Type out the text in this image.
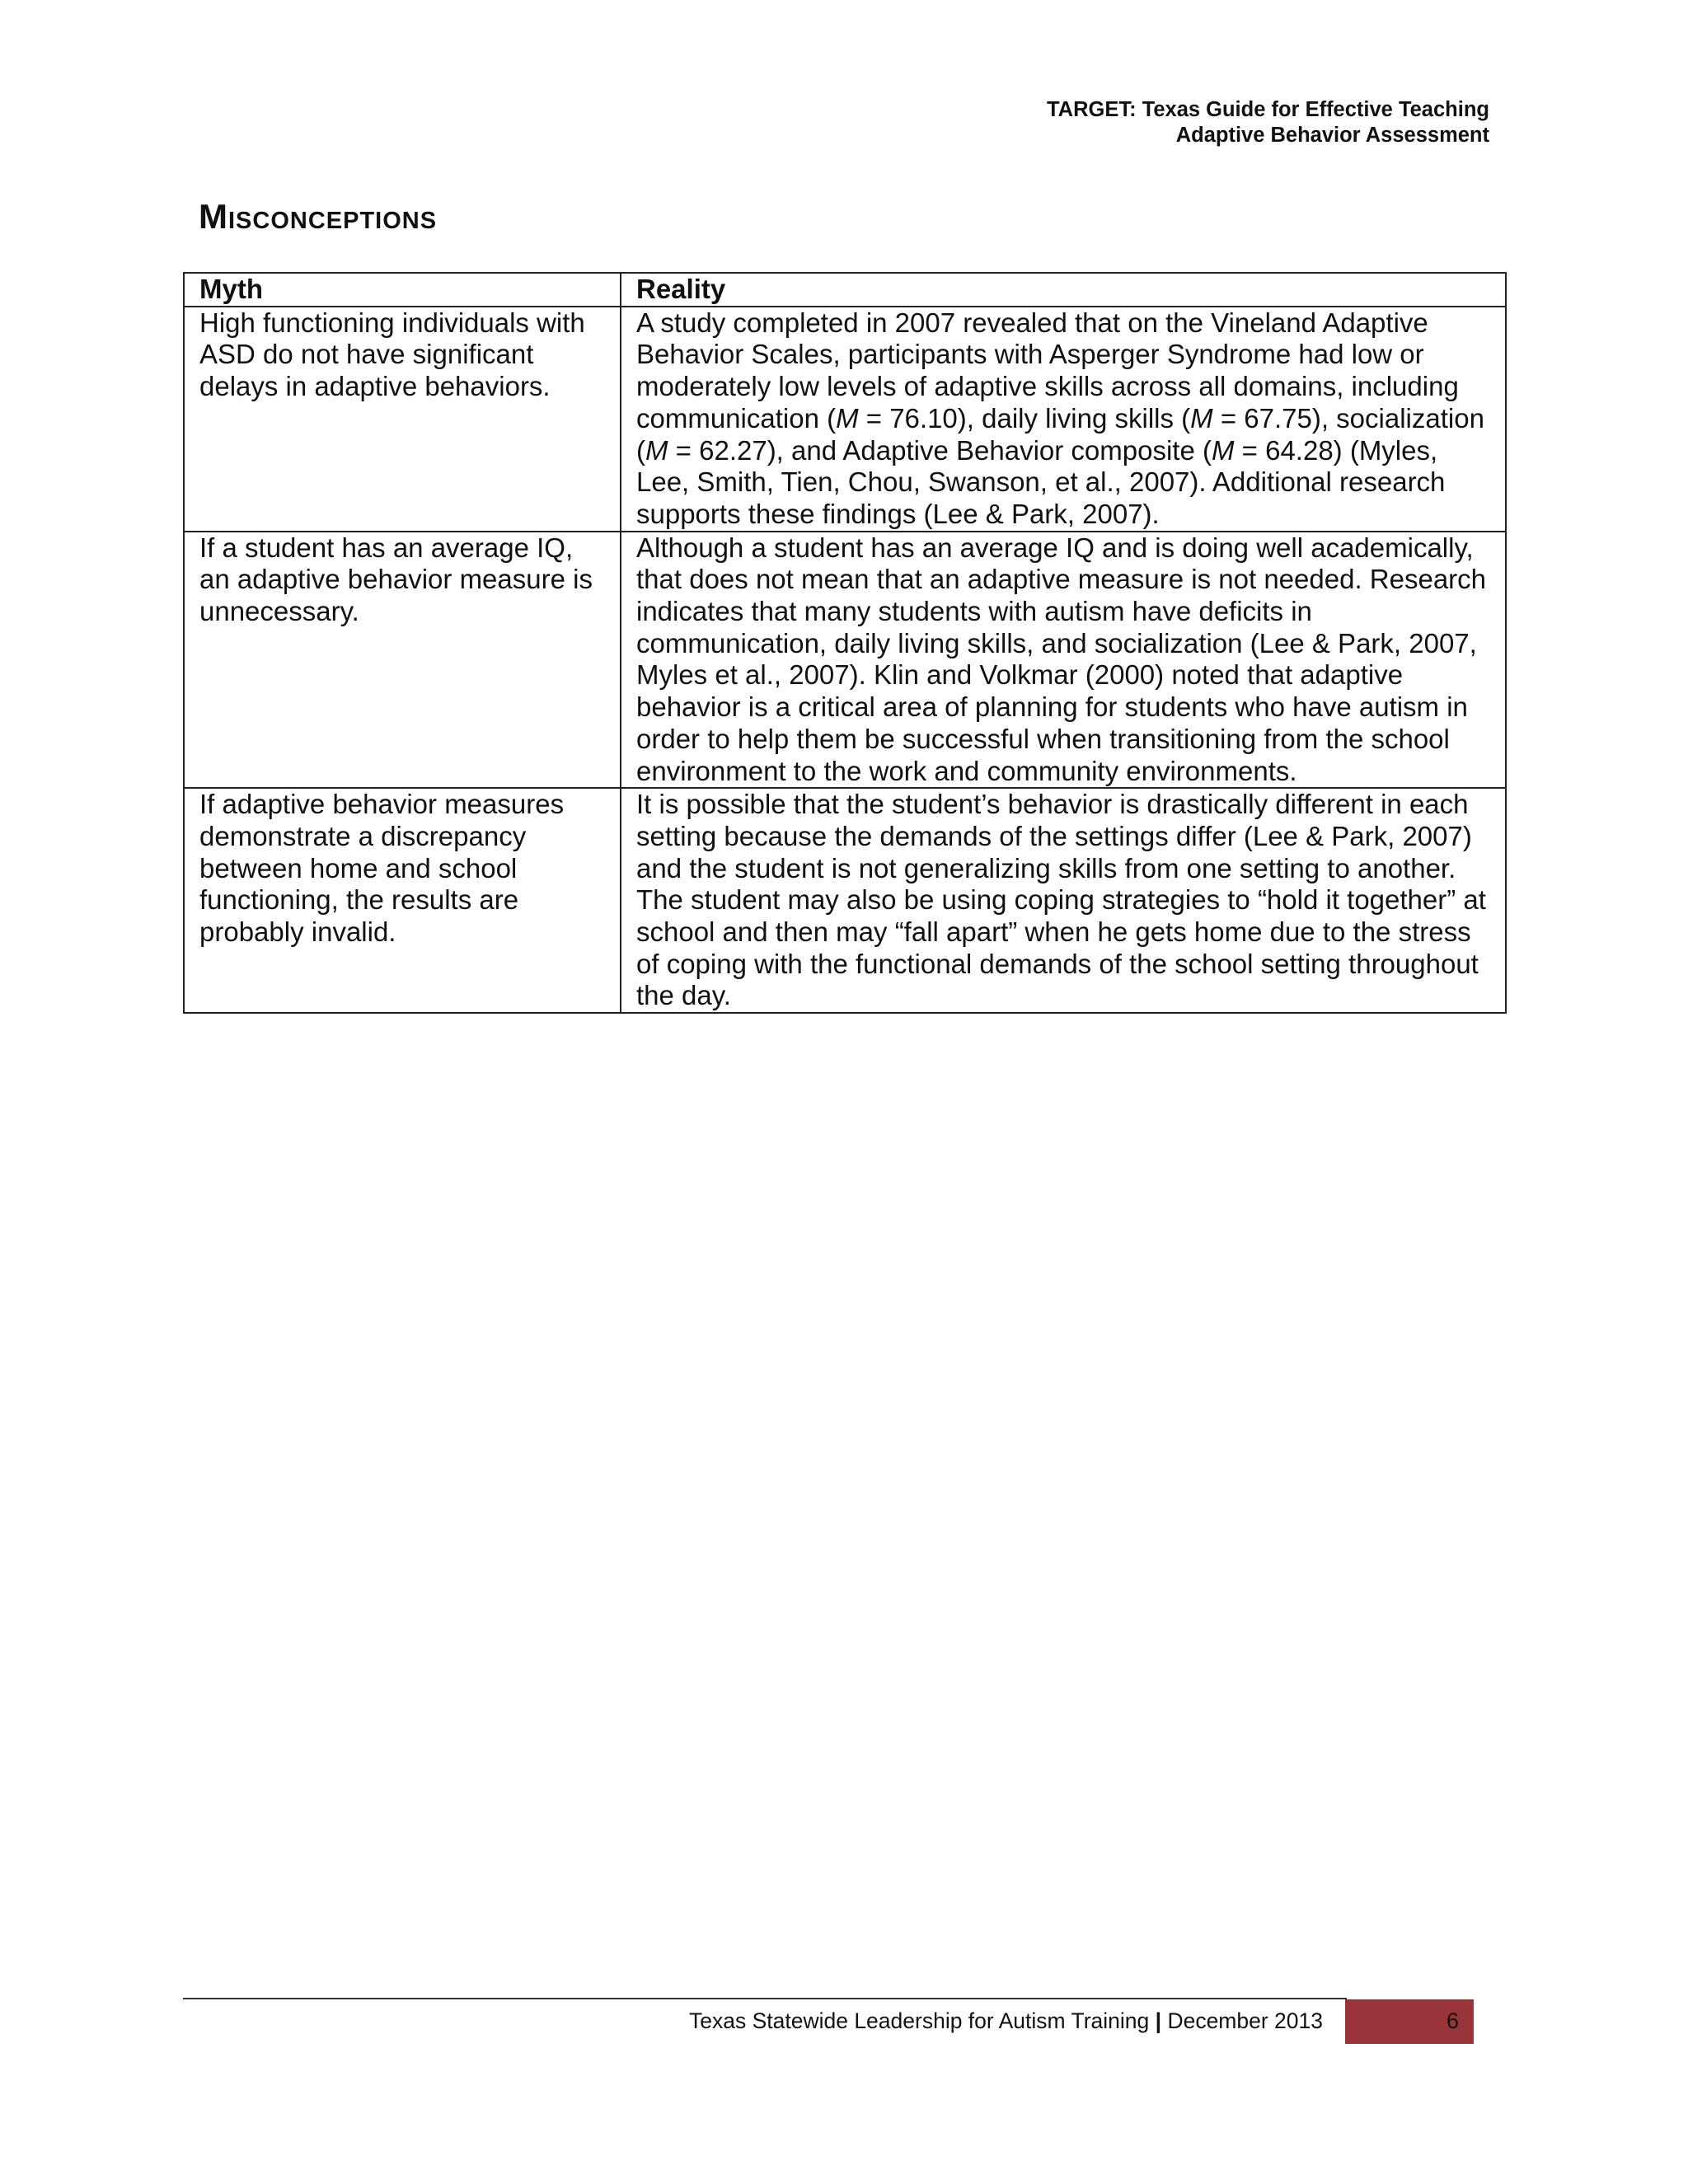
TARGET: Texas Guide for Effective Teaching
Adaptive Behavior Assessment
Misconceptions
Myth	Reality
High functioning individuals with ASD do not have significant delays in adaptive behaviors.	A study completed in 2007 revealed that on the Vineland Adaptive Behavior Scales, participants with Asperger Syndrome had low or moderately low levels of adaptive skills across all domains, including communication (M = 76.10), daily living skills (M = 67.75), socialization (M = 62.27), and Adaptive Behavior composite (M = 64.28) (Myles, Lee, Smith, Tien, Chou, Swanson, et al., 2007). Additional research supports these findings (Lee & Park, 2007).
If a student has an average IQ, an adaptive behavior measure is unnecessary.	Although a student has an average IQ and is doing well academically, that does not mean that an adaptive measure is not needed. Research indicates that many students with autism have deficits in communication, daily living skills, and socialization (Lee & Park, 2007, Myles et al., 2007). Klin and Volkmar (2000) noted that adaptive behavior is a critical area of planning for students who have autism in order to help them be successful when transitioning from the school environment to the work and community environments.
If adaptive behavior measures demonstrate a discrepancy between home and school functioning, the results are probably invalid.	It is possible that the student’s behavior is drastically different in each setting because the demands of the settings differ (Lee & Park, 2007) and the student is not generalizing skills from one setting to another. The student may also be using coping strategies to “hold it together” at school and then may “fall apart” when he gets home due to the stress of coping with the functional demands of the school setting throughout the day.
Texas Statewide Leadership for Autism Training | December 2013	6
